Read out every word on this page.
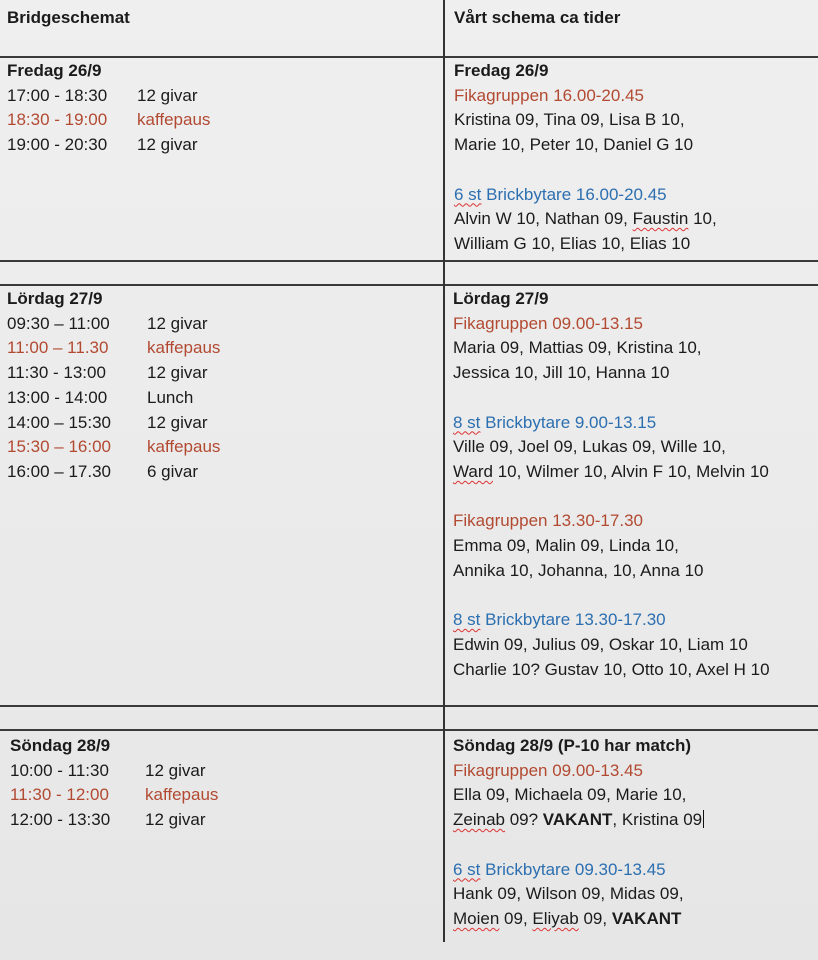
Bridgeschemat	Vårt schema ca tider
Fredag 26/9
17:00 - 18:30 12 givar
18:30 - 19:00 kaffepaus
19:00 - 20:30 12 givar
Lördag 27/9
09:30 – 11:00 12 givar
11:00 – 11.30 kaffepaus
11:30 - 13:00 12 givar
13:00 - 14:00 Lunch
14:00 – 15:30 12 givar
15:30 – 16:00 kaffepaus
16:00 – 17.30 6 givar
Söndag 28/9
10:00 - 11:30 12 givar
11:30 - 12:00 kaffepaus
12:00 - 13:30 12 givar
Fredag 26/9
Fikagruppen 16.00-20.45
Kristina 09, Tina 09, Lisa B 10,
Marie 10, Peter 10, Daniel G 10
6 st Brickbytare 16.00-20.45
Alvin W 10, Nathan 09, Faustin 10,
William G 10, Elias 10, Elias 10
Lördag 27/9
Fikagruppen 09.00-13.15
Maria 09, Mattias 09, Kristina 10,
Jessica 10, Jill 10, Hanna 10
8 st Brickbytare 9.00-13.15
Ville 09, Joel 09, Lukas 09, Wille 10,
Ward 10, Wilmer 10, Alvin F 10, Melvin 10
Fikagruppen 13.30-17.30
Emma 09, Malin 09, Linda 10,
Annika 10, Johanna, 10, Anna 10
8 st Brickbytare 13.30-17.30
Edwin 09, Julius 09, Oskar 10, Liam 10
Charlie 10? Gustav 10, Otto 10, Axel H 10
Söndag 28/9 (P-10 har match)
Fikagruppen 09.00-13.45
Ella 09, Michaela 09, Marie 10,
Zeinab 09? VAKANT, Kristina 09
6 st Brickbytare 09.30-13.45
Hank 09, Wilson 09, Midas 09,
Moien 09, Eliyab 09, VAKANT
